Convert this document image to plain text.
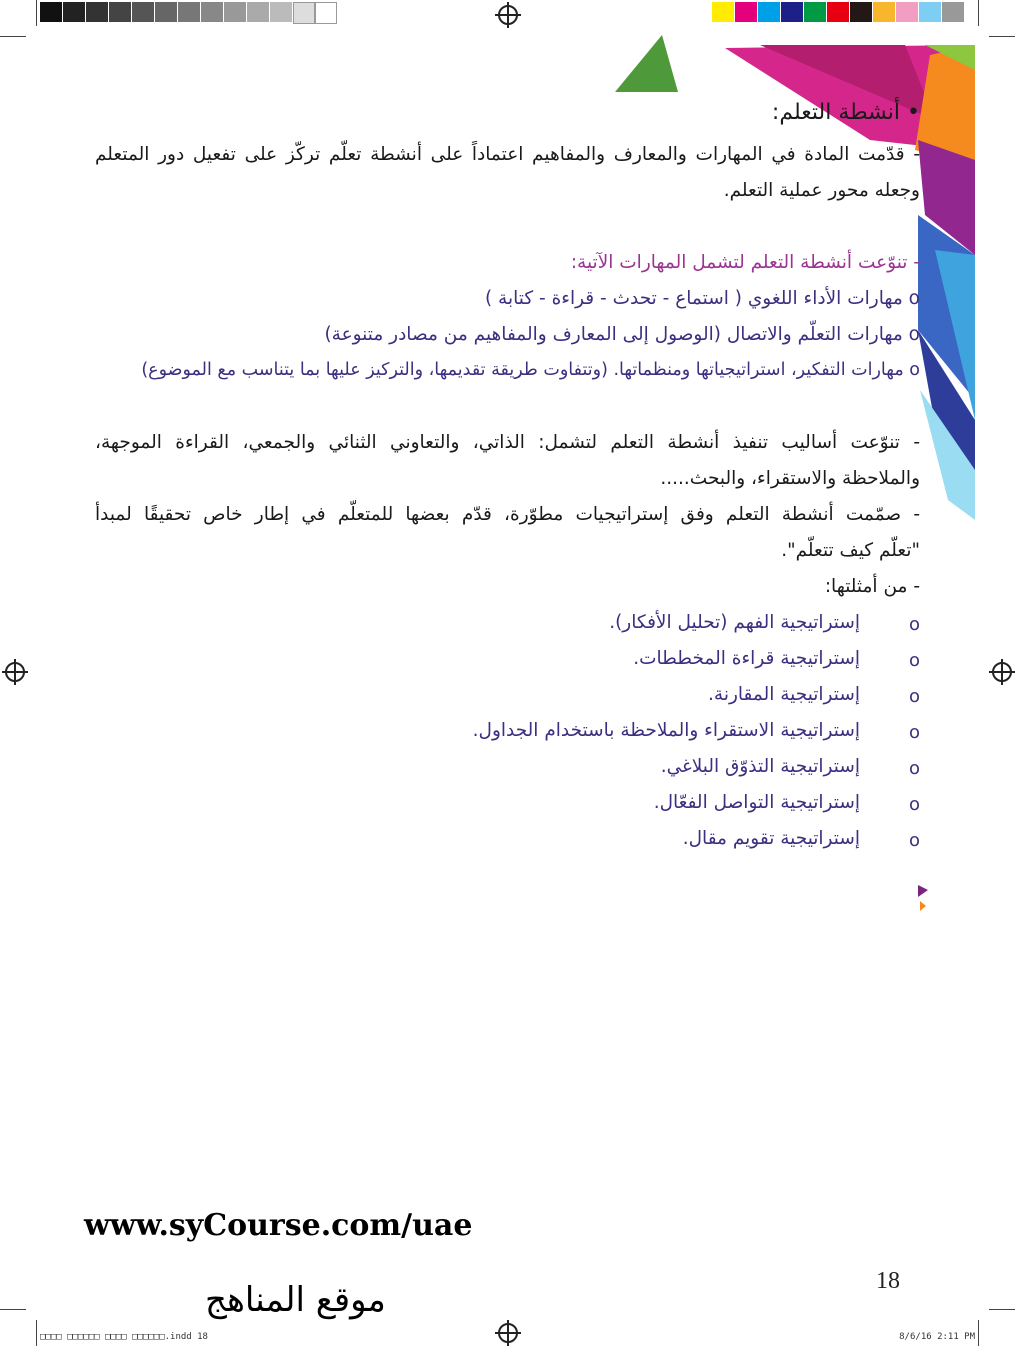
• أنشطة التعلم:
- قدّمت المادة في المهارات والمعارف والمفاهيم اعتماداً على أنشطة تعلّم تركّز على تفعيل دور المتعلم
وجعله محور عملية التعلم.
- تنوّعت أنشطة التعلم لتشمل المهارات الآتية:
o مهارات الأداء اللغوي ( استماع - تحدث - قراءة - كتابة )
o مهارات التعلّم والاتصال (الوصول إلى المعارف والمفاهيم من مصادر متنوعة)
o مهارات التفكير، استراتيجياتها ومنظماتها. (وتتفاوت طريقة تقديمها، والتركيز عليها بما يتناسب مع الموضوع)
- تنوّعت أساليب تنفيذ أنشطة التعلم لتشمل: الذاتي، والتعاوني الثنائي والجمعي، القراءة الموجهة،
والملاحظة والاستقراء، والبحث.....
- صمّمت أنشطة التعلم وفق إستراتيجيات مطوّرة، قدّم بعضها للمتعلّم في إطار خاص تحقيقًا لمبدأ
"تعلّم كيف تتعلّم".
- من أمثلتها:
o
إستراتيجية الفهم (تحليل الأفكار).
o
إستراتيجية قراءة المخططات.
o
إستراتيجية المقارنة.
o
إستراتيجية الاستقراء والملاحظة باستخدام الجداول.
o
إستراتيجية التذوّق البلاغي.
o
إستراتيجية التواصل الفعّال.
o
إستراتيجية تقويم مقال.
www.syCourse.com/uae
موقع المناهج	18
□□□□ □□□□□□ □□□□ □□□□□□.indd 18	8/6/16 2:11 PM
